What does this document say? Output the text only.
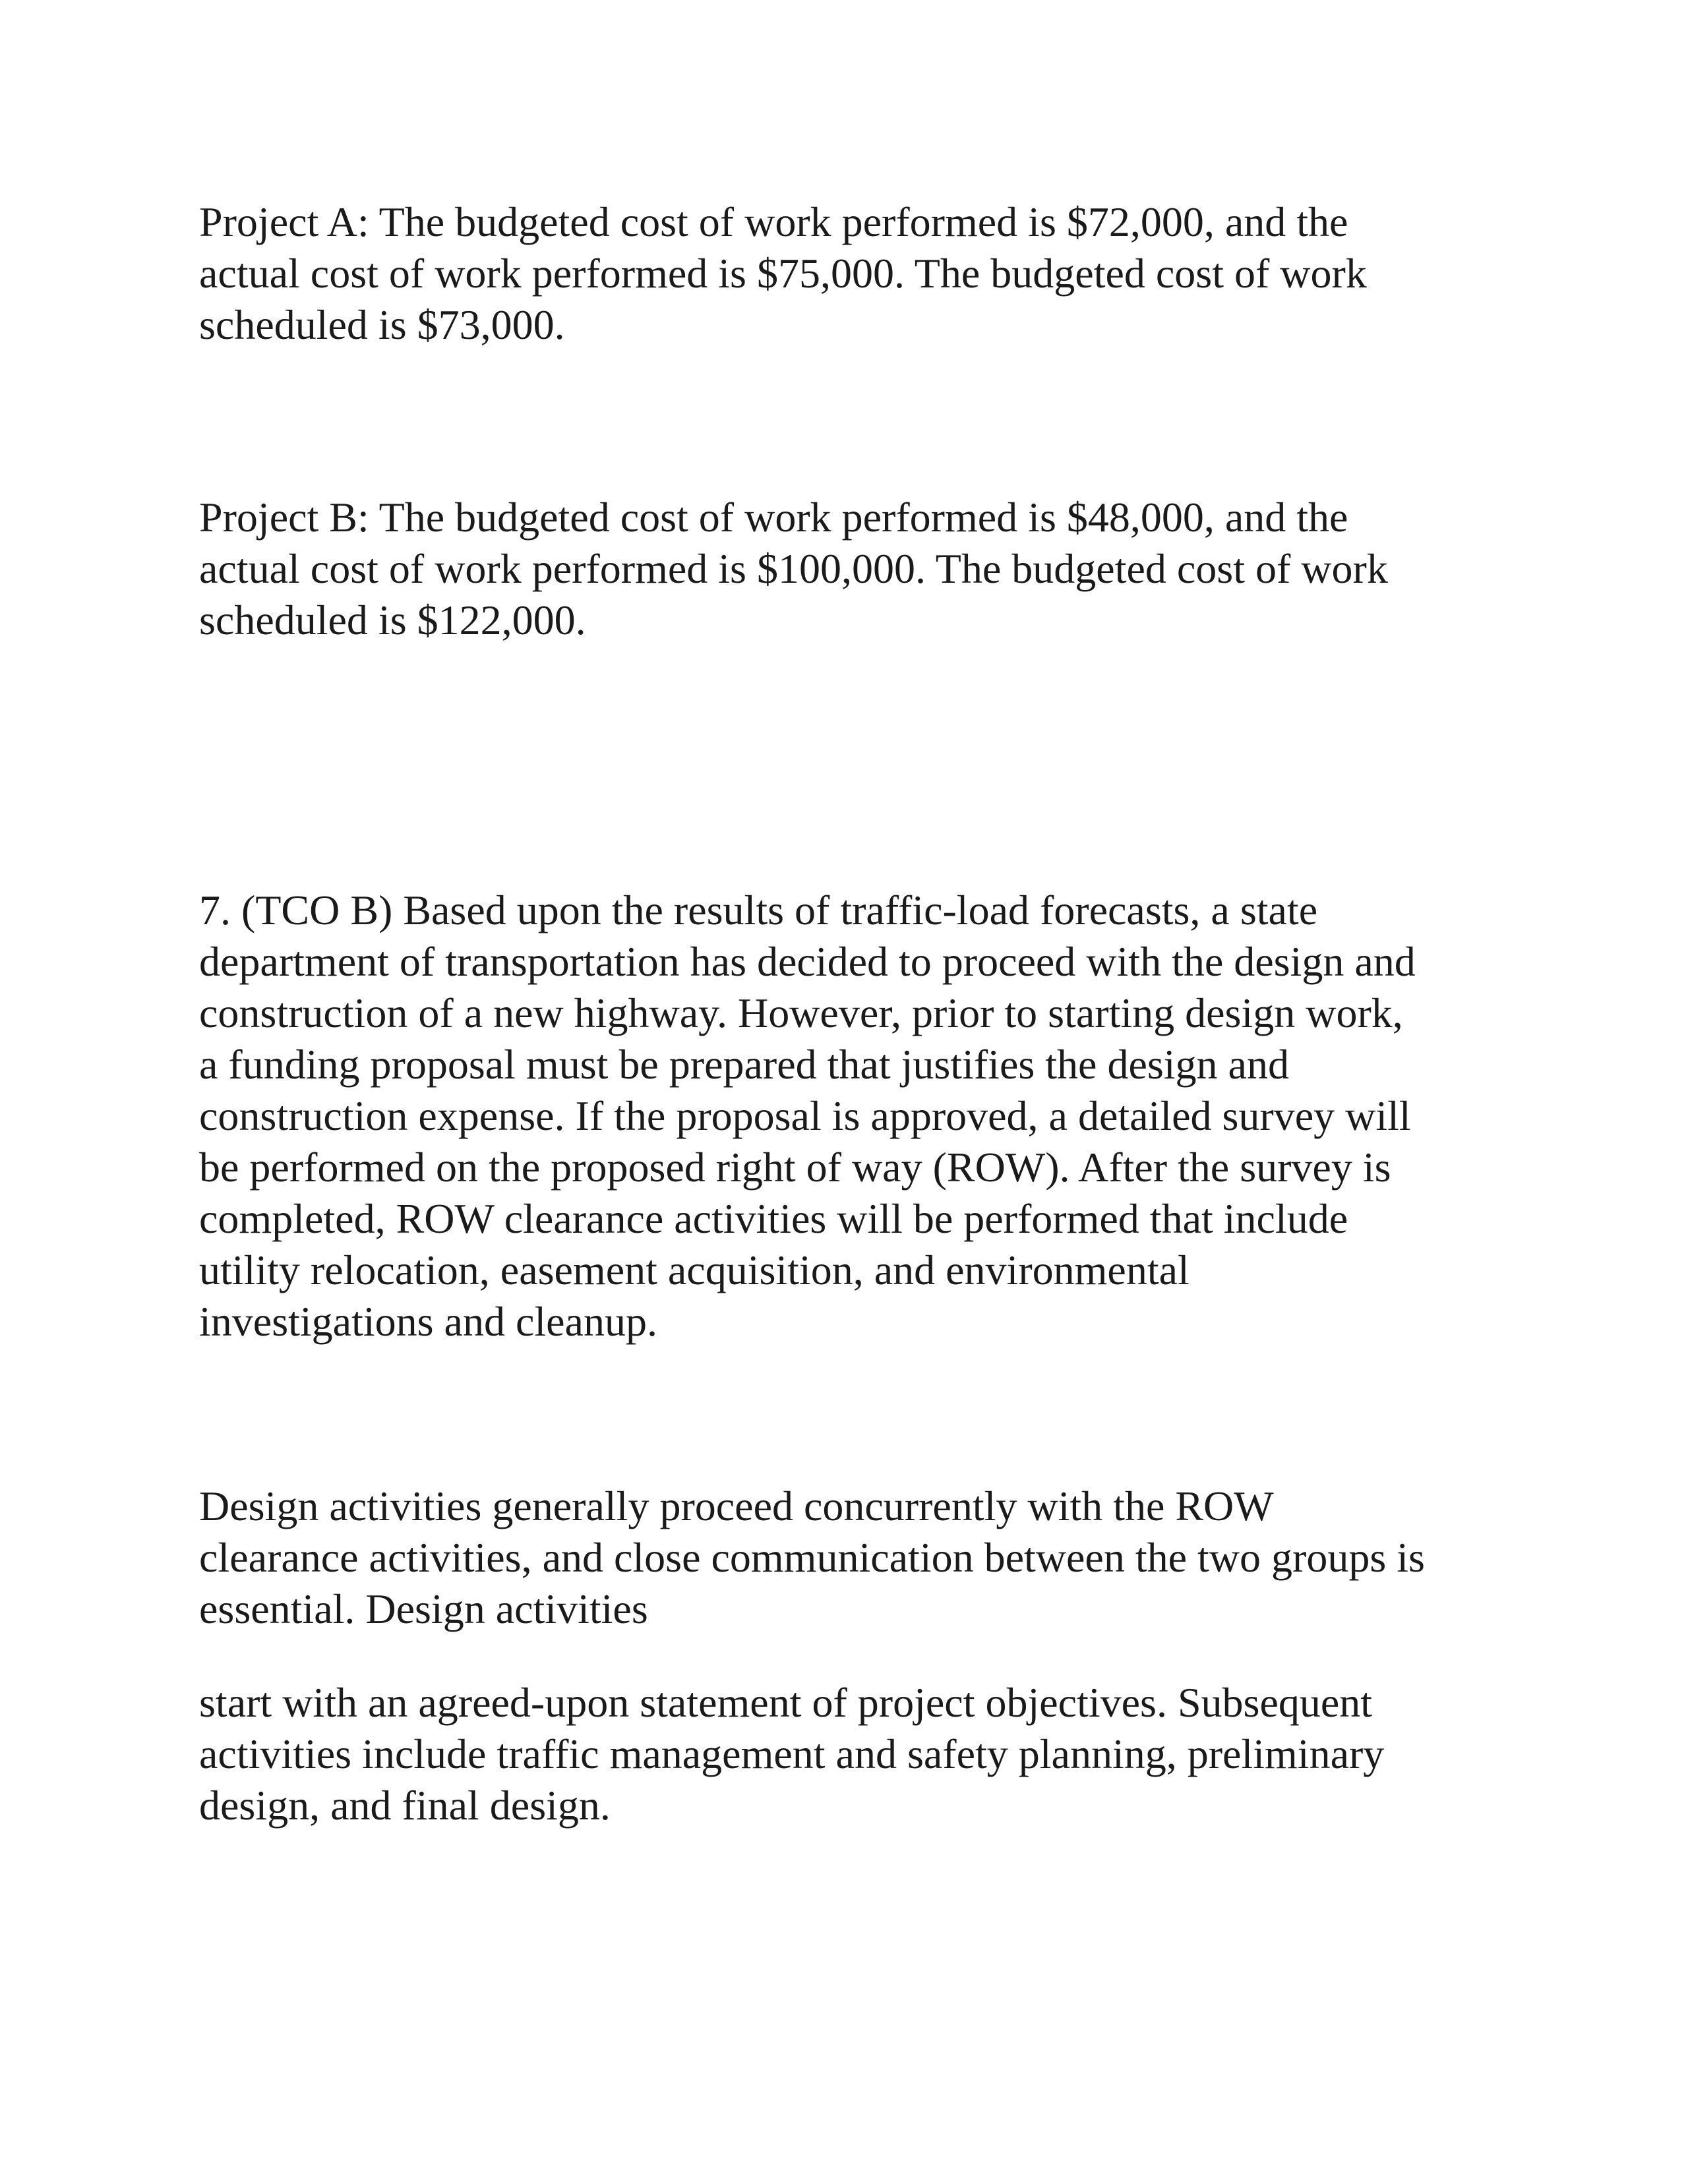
Project A: The budgeted cost of work performed is $72,000, and the
actual cost of work performed is $75,000. The budgeted cost of work
scheduled is $73,000.

Project B: The budgeted cost of work performed is $48,000, and the
actual cost of work performed is $100,000. The budgeted cost of work
scheduled is $122,000.

7. (TCO B) Based upon the results of traffic-load forecasts, a state
department of transportation has decided to proceed with the design and
construction of a new highway. However, prior to starting design work,
a funding proposal must be prepared that justifies the design and
construction expense. If the proposal is approved, a detailed survey will
be performed on the proposed right of way (ROW). After the survey is
completed, ROW clearance activities will be performed that include
utility relocation, easement acquisition, and environmental
investigations and cleanup.

Design activities generally proceed concurrently with the ROW
clearance activities, and close communication between the two groups is
essential. Design activities

start with an agreed-upon statement of project objectives. Subsequent
activities include traffic management and safety planning, preliminary
design, and final design.
